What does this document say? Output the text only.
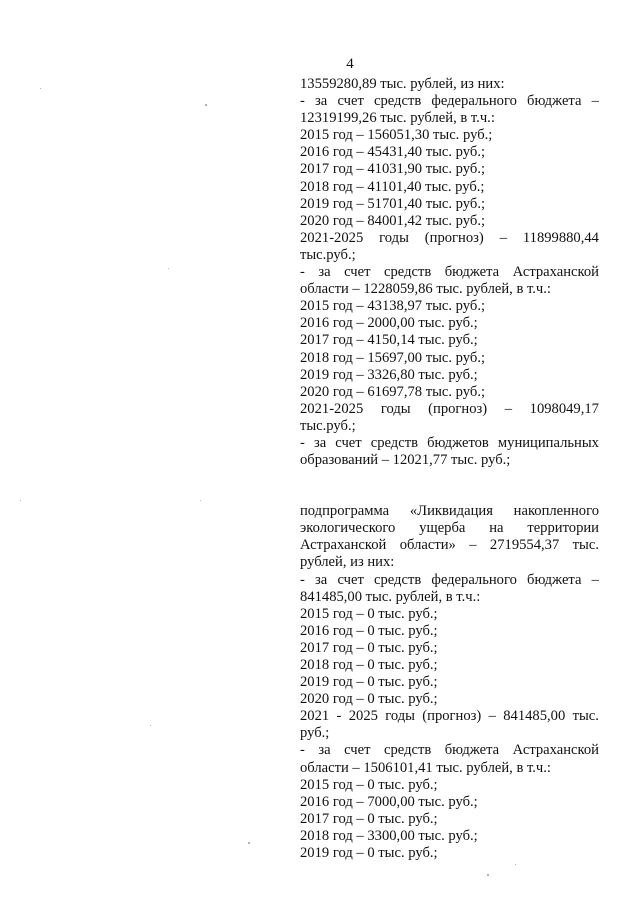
4
13559280,89 тыс. рублей, из них:
- за счет средств федерального бюджета –
12319199,26 тыс. рублей, в т.ч.:
2015 год – 156051,30 тыс. руб.;
2016 год – 45431,40 тыс. руб.;
2017 год – 41031,90 тыс. руб.;
2018 год – 41101,40 тыс. руб.;
2019 год – 51701,40 тыс. руб.;
2020 год – 84001,42 тыс. руб.;
2021-2025 годы (прогноз) – 11899880,44
тыс.руб.;
- за счет средств бюджета Астраханской
области – 1228059,86 тыс. рублей, в т.ч.:
2015 год – 43138,97 тыс. руб.;
2016 год – 2000,00 тыс. руб.;
2017 год – 4150,14 тыс. руб.;
2018 год – 15697,00 тыс. руб.;
2019 год – 3326,80 тыс. руб.;
2020 год – 61697,78 тыс. руб.;
2021-2025 годы (прогноз) – 1098049,17
тыс.руб.;
- за счет средств бюджетов муниципальных
образований – 12021,77 тыс. руб.;
подпрограмма «Ликвидация накопленного
экологического ущерба на территории
Астраханской области» – 2719554,37 тыс.
рублей, из них:
- за счет средств федерального бюджета –
841485,00 тыс. рублей, в т.ч.:
2015 год – 0 тыс. руб.;
2016 год – 0 тыс. руб.;
2017 год – 0 тыс. руб.;
2018 год – 0 тыс. руб.;
2019 год – 0 тыс. руб.;
2020 год – 0 тыс. руб.;
2021 - 2025 годы (прогноз) – 841485,00 тыс.
руб.;
- за счет средств бюджета Астраханской
области – 1506101,41 тыс. рублей, в т.ч.:
2015 год – 0 тыс. руб.;
2016 год – 7000,00 тыс. руб.;
2017 год – 0 тыс. руб.;
2018 год – 3300,00 тыс. руб.;
2019 год – 0 тыс. руб.;
